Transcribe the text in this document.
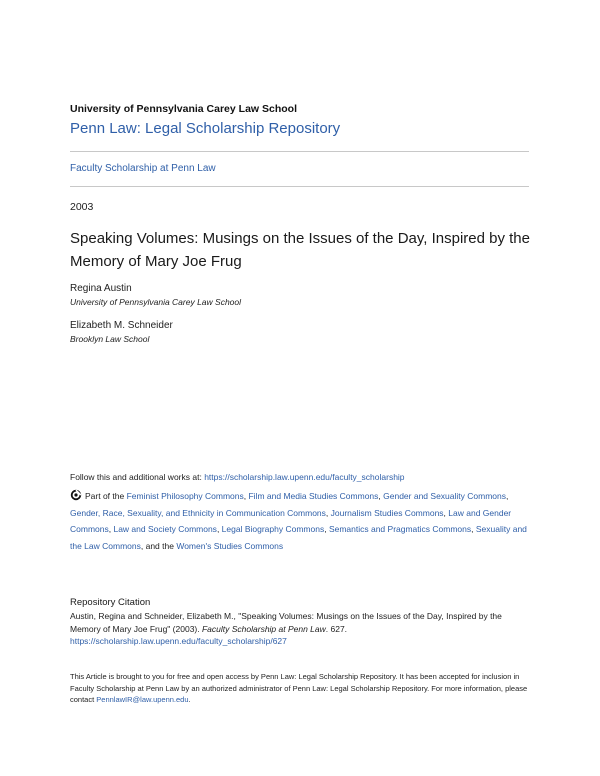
University of Pennsylvania Carey Law School
Penn Law: Legal Scholarship Repository
Faculty Scholarship at Penn Law
2003
Speaking Volumes: Musings on the Issues of the Day, Inspired by the Memory of Mary Joe Frug
Regina Austin
University of Pennsylvania Carey Law School
Elizabeth M. Schneider
Brooklyn Law School
Follow this and additional works at: https://scholarship.law.upenn.edu/faculty_scholarship
Part of the Feminist Philosophy Commons, Film and Media Studies Commons, Gender and Sexuality Commons, Gender, Race, Sexuality, and Ethnicity in Communication Commons, Journalism Studies Commons, Law and Gender Commons, Law and Society Commons, Legal Biography Commons, Semantics and Pragmatics Commons, Sexuality and the Law Commons, and the Women's Studies Commons
Repository Citation
Austin, Regina and Schneider, Elizabeth M., "Speaking Volumes: Musings on the Issues of the Day, Inspired by the Memory of Mary Joe Frug" (2003). Faculty Scholarship at Penn Law. 627.
https://scholarship.law.upenn.edu/faculty_scholarship/627
This Article is brought to you for free and open access by Penn Law: Legal Scholarship Repository. It has been accepted for inclusion in Faculty Scholarship at Penn Law by an authorized administrator of Penn Law: Legal Scholarship Repository. For more information, please contact PennlawIR@law.upenn.edu.
